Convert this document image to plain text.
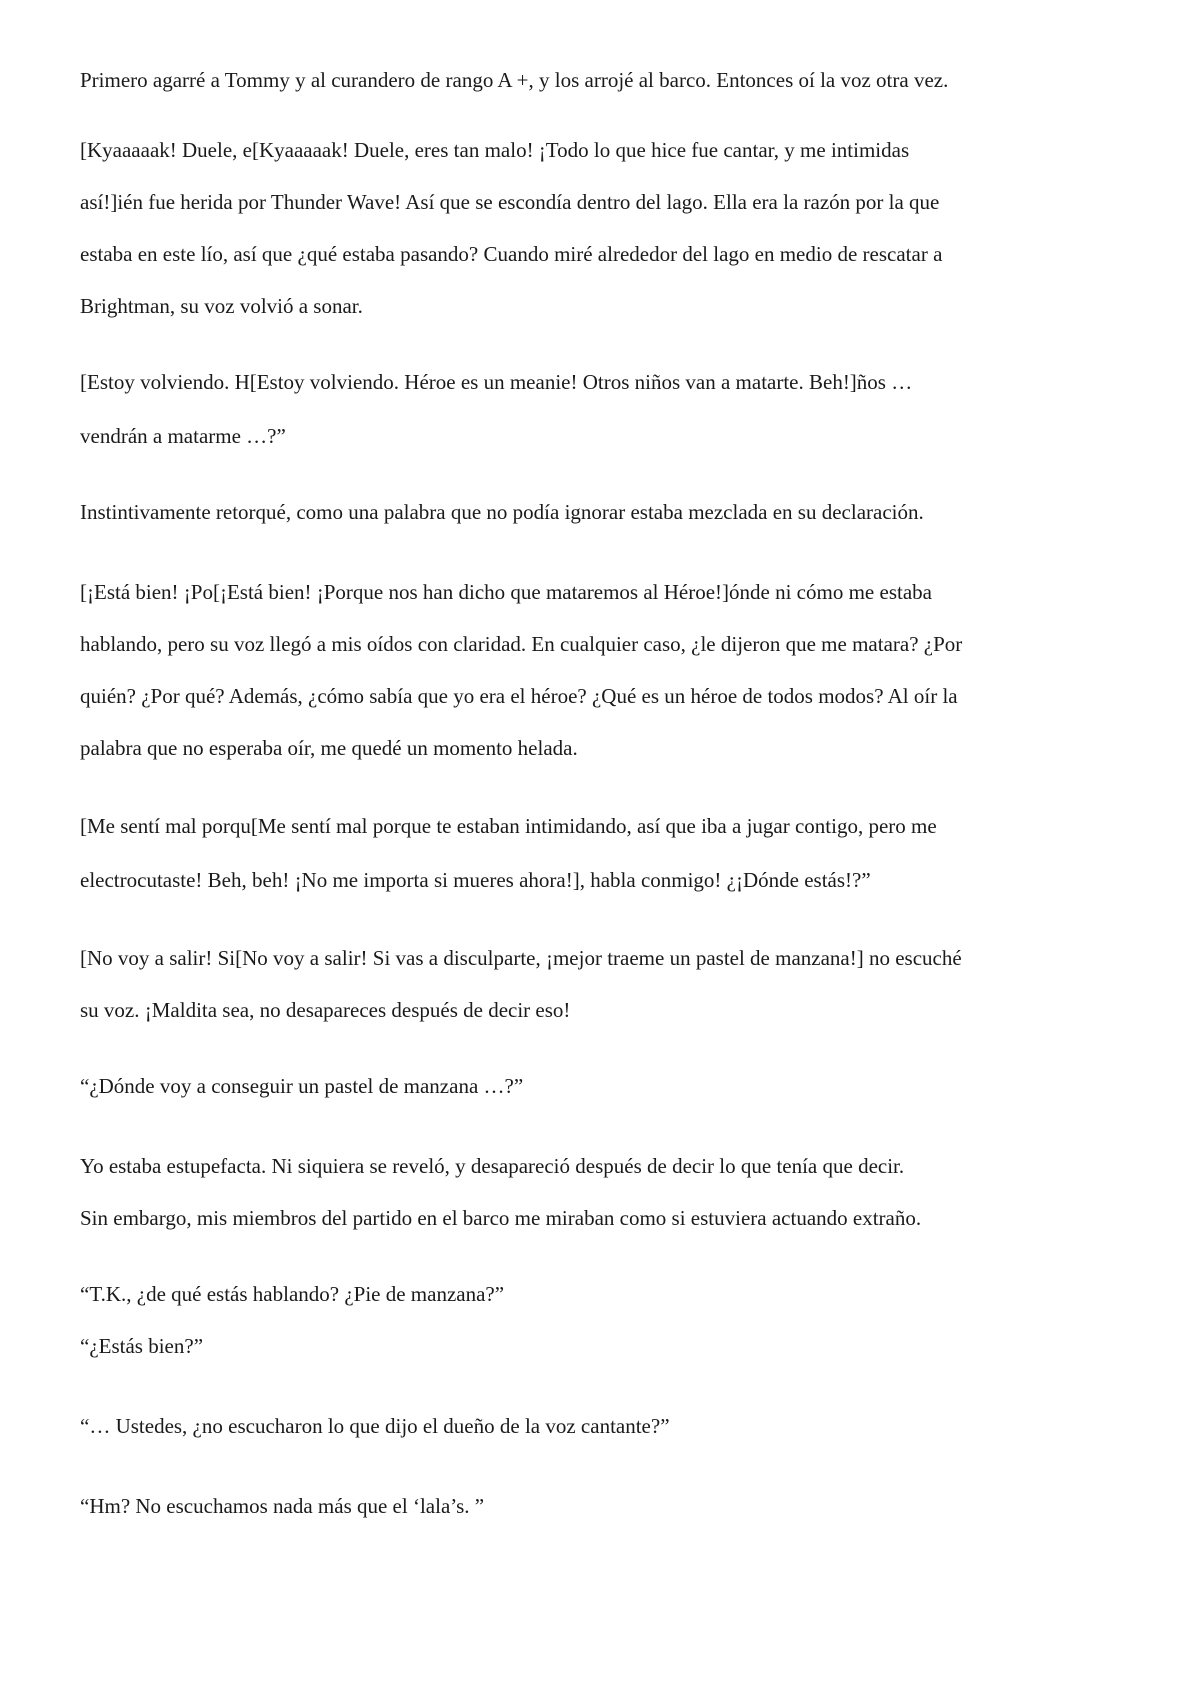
Primero agarré a Tommy y al curandero de rango A +, y los arrojé al barco. Entonces oí la voz otra vez.
[Kyaaaaak! Duele, e[Kyaaaaak! Duele, eres tan malo! ¡Todo lo que hice fue cantar, y me intimidas
así!]ién fue herida por Thunder Wave! Así que se escondía dentro del lago. Ella era la razón por la que
estaba en este lío, así que ¿qué estaba pasando? Cuando miré alrededor del lago en medio de rescatar a
Brightman, su voz volvió a sonar.
[Estoy volviendo. H[Estoy volviendo. Héroe es un meanie! Otros niños van a matarte. Beh!]ños …
vendrán a matarme …?”
Instintivamente retorqué, como una palabra que no podía ignorar estaba mezclada en su declaración.
[¡Está bien! ¡Po[¡Está bien! ¡Porque nos han dicho que mataremos al Héroe!]ónde ni cómo me estaba
hablando, pero su voz llegó a mis oídos con claridad. En cualquier caso, ¿le dijeron que me matara? ¿Por
quién? ¿Por qué? Además, ¿cómo sabía que yo era el héroe? ¿Qué es un héroe de todos modos? Al oír la
palabra que no esperaba oír, me quedé un momento helada.
[Me sentí mal porqu[Me sentí mal porque te estaban intimidando, así que iba a jugar contigo, pero me
electrocutaste! Beh, beh! ¡No me importa si mueres ahora!], habla conmigo! ¿¡Dónde estás!?”
[No voy a salir! Si[No voy a salir! Si vas a disculparte, ¡mejor traeme un pastel de manzana!] no escuché
su voz. ¡Maldita sea, no desapareces después de decir eso!
“¿Dónde voy a conseguir un pastel de manzana …?”
Yo estaba estupefacta. Ni siquiera se reveló, y desapareció después de decir lo que tenía que decir.
Sin embargo, mis miembros del partido en el barco me miraban como si estuviera actuando extraño.
“T.K., ¿de qué estás hablando? ¿Pie de manzana?”
“¿Estás bien?”
“… Ustedes, ¿no escucharon lo que dijo el dueño de la voz cantante?”
“Hm? No escuchamos nada más que el ‘lala’s. ”
